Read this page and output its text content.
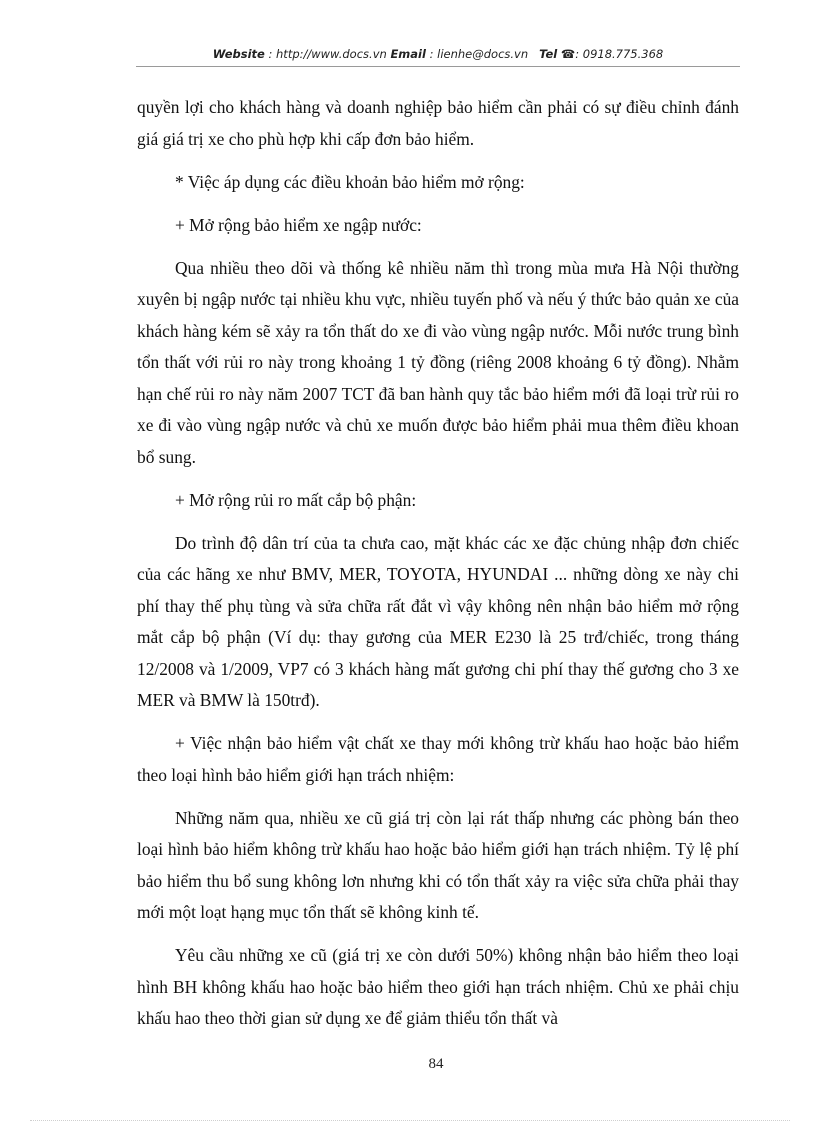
Website : http://www.docs.vn Email : lienhe@docs.vn Tel ☎: 0918.775.368

quyền lợi cho khách hàng và doanh nghiệp bảo hiểm cần phải có sự điều chỉnh đánh giá giá trị xe cho phù hợp khi cấp đơn bảo hiểm.

* Việc áp dụng các điều khoản bảo hiểm mở rộng:

+ Mở rộng bảo hiểm xe ngập nước:

Qua nhiều theo dõi và thống kê nhiều năm thì trong mùa mưa Hà Nội thường xuyên bị ngập nước tại nhiều khu vực, nhiều tuyến phố và nếu ý thức bảo quản xe của khách hàng kém sẽ xảy ra tổn thất do xe đi vào vùng ngập nước. Mỗi nước trung bình tổn thất với rủi ro này trong khoảng 1 tỷ đồng (riêng 2008 khoảng 6 tỷ đồng). Nhằm hạn chế rủi ro này năm 2007 TCT đã ban hành quy tắc bảo hiểm mới đã loại trừ rủi ro xe đi vào vùng ngập nước và chủ xe muốn được bảo hiểm phải mua thêm điều khoan bổ sung.

+ Mở rộng rủi ro mất cắp bộ phận:

Do trình độ dân trí của ta chưa cao, mặt khác các xe đặc chủng nhập đơn chiếc của các hãng xe như BMV, MER, TOYOTA, HYUNDAI ... những dòng xe này chi phí thay thế phụ tùng và sửa chữa rất đắt vì vậy không nên nhận bảo hiểm mở rộng mắt cắp bộ phận (Ví dụ: thay gương của MER E230 là 25 trđ/chiếc, trong tháng 12/2008 và 1/2009, VP7 có 3 khách hàng mất gương chi phí thay thế gương cho 3 xe MER và BMW là 150trđ).

+ Việc nhận bảo hiểm vật chất xe thay mới không trừ khấu hao hoặc bảo hiểm theo loại hình bảo hiểm giới hạn trách nhiệm:

Những năm qua, nhiều xe cũ giá trị còn lại rát thấp nhưng các phòng bán theo loại hình bảo hiểm không trừ khấu hao hoặc bảo hiểm giới hạn trách nhiệm. Tỷ lệ phí bảo hiểm thu bổ sung không lơn nhưng khi có tổn thất xảy ra việc sửa chữa phải thay mới một loạt hạng mục tổn thất sẽ không kinh tế.

Yêu cầu những xe cũ (giá trị xe còn dưới 50%) không nhận bảo hiểm theo loại hình BH không khấu hao hoặc bảo hiểm theo giới hạn trách nhiệm. Chủ xe phải chịu khấu hao theo thời gian sử dụng xe để giảm thiểu tổn thất và

84
